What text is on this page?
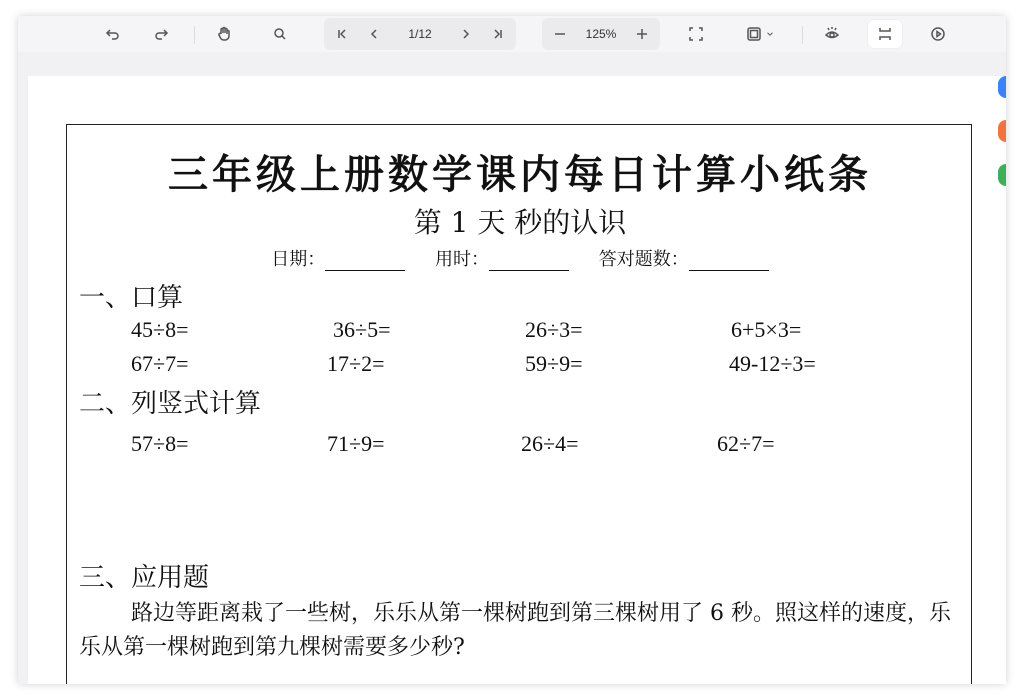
1/12	125%
三年级上册数学课内每日计算小纸条
第 1 天 秒的认识
日期：	用时：	答对题数：
一、口算
45÷8=	36÷5=	26÷3=	6+5×3=
67÷7=	17÷2=	59÷9=	49-12÷3=
二、列竖式计算
57÷8=	71÷9=	26÷4=	62÷7=
三、应用题
路边等距离栽了一些树，乐乐从第一棵树跑到第三棵树用了 6 秒。照这样的速度，乐乐从第一棵树跑到第九棵树需要多少秒?
